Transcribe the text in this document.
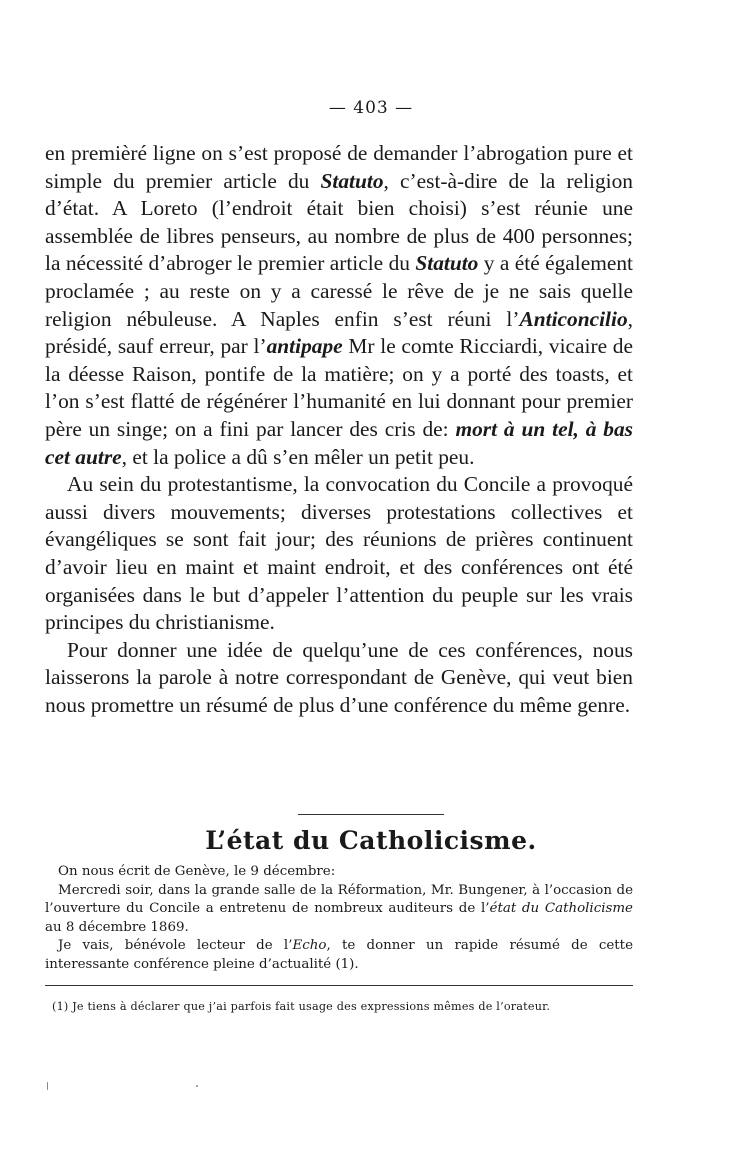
— 403 —

en premièré ligne on s’est proposé de demander l’abrogation pure et simple du premier article du Statuto, c’est-à-dire de la religion d’état. A Loreto (l’endroit était bien choisi) s’est réunie une assemblée de libres penseurs, au nombre de plus de 400 personnes; la nécessité d’abroger le premier article du Statuto y a été également proclamée ; au reste on y a caressé le rêve de je ne sais quelle religion nébuleuse. A Naples enfin s’est réuni l’Anticoncilio, présidé, sauf erreur, par l’antipape Mr le comte Ricciardi, vicaire de la déesse Raison, pontife de la matière; on y a porté des toasts, et l’on s’est flatté de régénérer l’humanité en lui donnant pour premier père un singe; on a fini par lancer des cris de: mort à un tel, à bas cet autre, et la police a dû s’en mêler un petit peu.

Au sein du protestantisme, la convocation du Concile a provoqué aussi divers mouvements; diverses protestations collectives et évangéliques se sont fait jour; des réunions de prières continuent d’avoir lieu en maint et maint endroit, et des conférences ont été organisées dans le but d’appeler l’attention du peuple sur les vrais principes du christianisme.

Pour donner une idée de quelqu’une de ces conférences, nous laisserons la parole à notre correspondant de Genève, qui veut bien nous promettre un résumé de plus d’une conférence du même genre.

L’état du Catholicisme.

On nous écrit de Genève, le 9 décembre:

Mercredi soir, dans la grande salle de la Réformation, Mr. Bungener, à l’occasion de l’ouverture du Concile a entretenu de nombreux auditeurs de l’état du Catholicisme au 8 décembre 1869.

Je vais, bénévole lecteur de l’Echo, te donner un rapide résumé de cette interessante conférence pleine d’actualité (1).

(1) Je tiens à déclarer que j’ai parfois fait usage des expressions mêmes de l’orateur.
